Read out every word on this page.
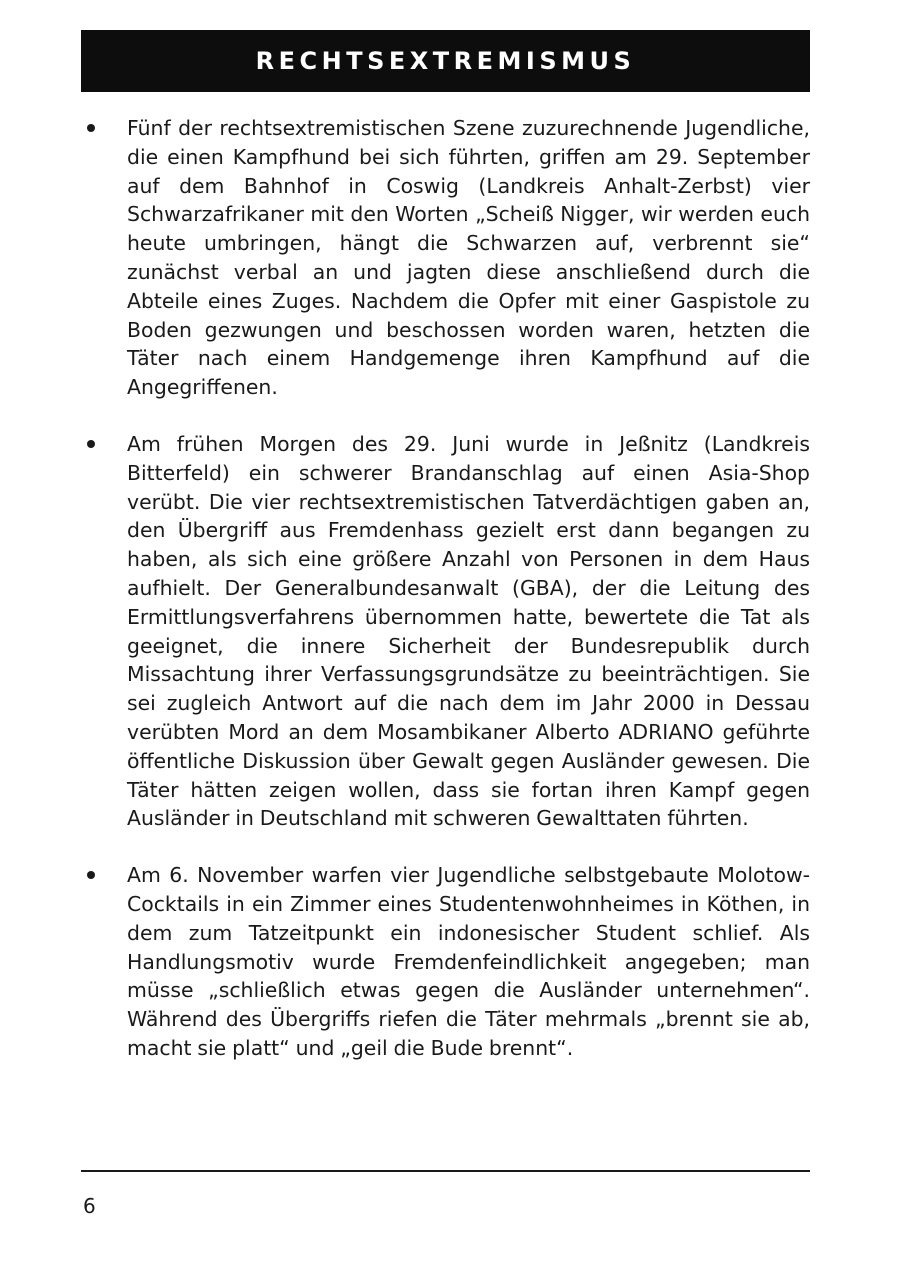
RECHTSEXTREMISMUS

Fünf der rechtsextremistischen Szene zuzurechnende Jugendliche, die einen Kampfhund bei sich führten, griffen am 29. September auf dem Bahnhof in Coswig (Landkreis Anhalt-Zerbst) vier Schwarzafrikaner mit den Worten „Scheiß Nigger, wir werden euch heute umbringen, hängt die Schwarzen auf, verbrennt sie“ zunächst verbal an und jagten diese anschließend durch die Abteile eines Zuges. Nachdem die Opfer mit einer Gaspistole zu Boden gezwungen und beschossen worden waren, hetzten die Täter nach einem Handgemenge ihren Kampfhund auf die Angegriffenen.

Am frühen Morgen des 29. Juni wurde in Jeßnitz (Landkreis Bitterfeld) ein schwerer Brandanschlag auf einen Asia-Shop verübt. Die vier rechtsextremistischen Tatverdächtigen gaben an, den Übergriff aus Fremdenhass gezielt erst dann begangen zu haben, als sich eine größere Anzahl von Personen in dem Haus aufhielt. Der Generalbundesanwalt (GBA), der die Leitung des Ermittlungsverfahrens übernommen hatte, bewertete die Tat als geeignet, die innere Sicherheit der Bundesrepublik durch Missachtung ihrer Verfassungsgrundsätze zu beeinträchtigen. Sie sei zugleich Antwort auf die nach dem im Jahr 2000 in Dessau verübten Mord an dem Mosambikaner Alberto ADRIANO geführte öffentliche Diskussion über Gewalt gegen Ausländer gewesen. Die Täter hätten zeigen wollen, dass sie fortan ihren Kampf gegen Ausländer in Deutschland mit schweren Gewalttaten führten.

Am 6. November warfen vier Jugendliche selbstgebaute Molotow-Cocktails in ein Zimmer eines Studentenwohnheimes in Köthen, in dem zum Tatzeitpunkt ein indonesischer Student schlief. Als Handlungsmotiv wurde Fremdenfeindlichkeit angegeben; man müsse „schließlich etwas gegen die Ausländer unternehmen“. Während des Übergriffs riefen die Täter mehrmals „brennt sie ab, macht sie platt“ und „geil die Bude brennt“.

6
